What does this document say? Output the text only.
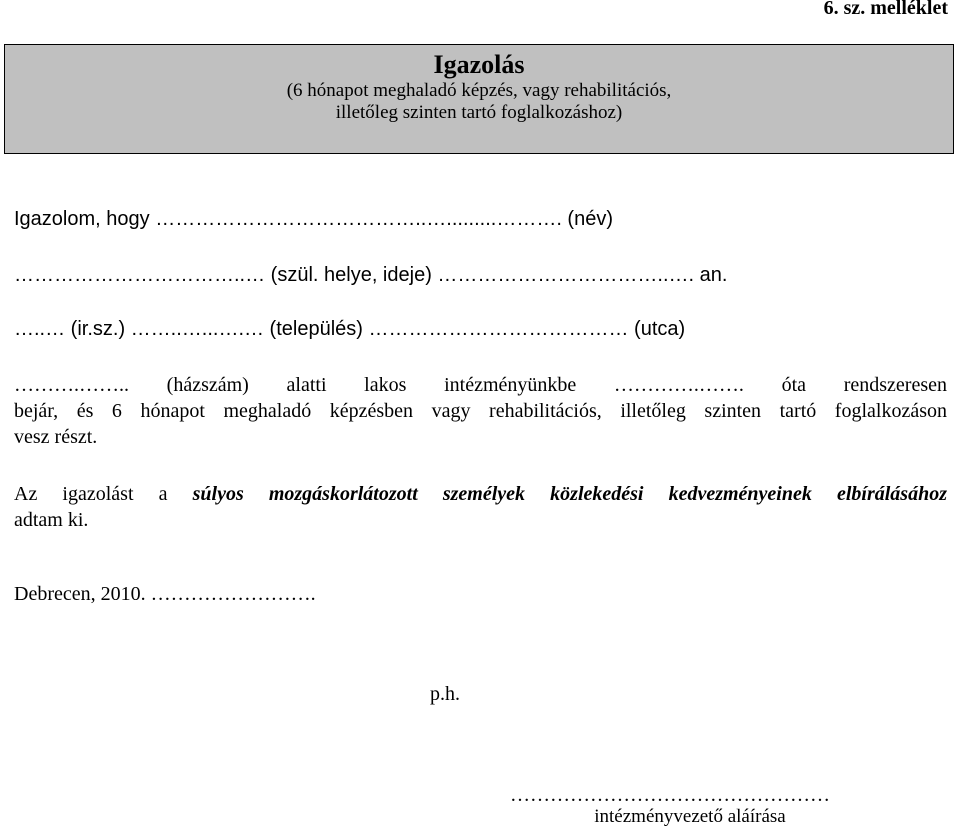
6. sz. melléklet
Igazolás
(6 hónapot meghaladó képzés, vagy rehabilitációs,
illetőleg szinten tartó foglalkozáshoz)
Igazolom, hogy …………………………………..….........………. (név)
……………………………..… (szül. helye, ideje) ……………………………..…. an.
…..… (ir.sz.) ……..…...….… (település) ………………………………… (utca)
……….…….. (házszám) alatti lakos intézményünkbe ………….……. óta rendszeresen
bejár, és 6 hónapot meghaladó képzésben vagy rehabilitációs, illetőleg szinten tartó foglalkozáson
vesz részt.
Az igazolást a súlyos mozgáskorlátozott személyek közlekedési kedvezményeinek elbírálásához
adtam ki.
Debrecen, 2010. …………………….
p.h.
…………………………………………
intézményvezető aláírása
